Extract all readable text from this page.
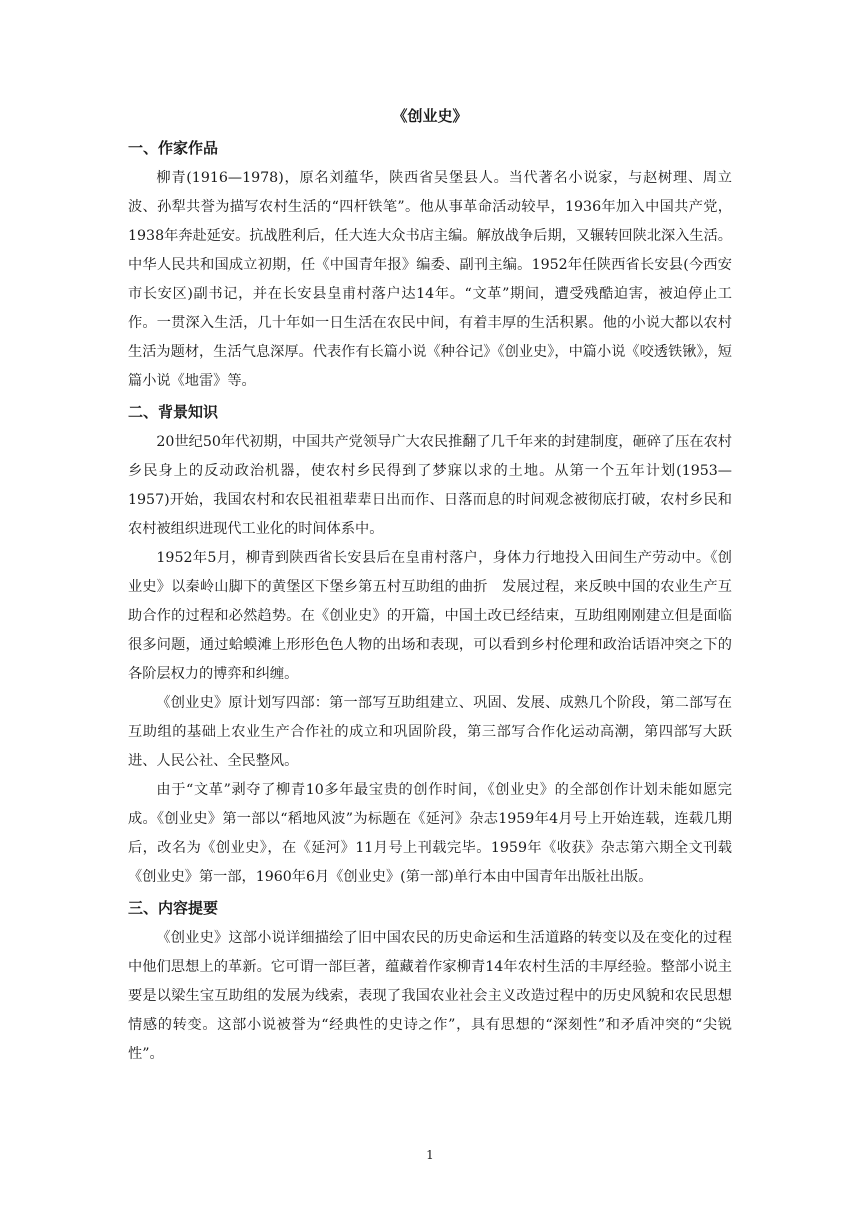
《创业史》
一、作家作品

柳青(1916—1978)，原名刘蕴华，陕西省吴堡县人。当代著名小说家，与赵树理、周立波、孙犁共誉为描写农村生活的“四杆铁笔”。他从事革命活动较早，1936年加入中国共产党，1938年奔赴延安。抗战胜利后，任大连大众书店主编。解放战争后期，又辗转回陕北深入生活。中华人民共和国成立初期，任《中国青年报》编委、副刊主编。1952年任陕西省长安县(今西安市长安区)副书记，并在长安县皇甫村落户达14年。“文革”期间，遭受残酷迫害，被迫停止工作。一贯深入生活，几十年如一日生活在农民中间，有着丰厚的生活积累。他的小说大都以农村生活为题材，生活气息深厚。代表作有长篇小说《种谷记》《创业史》，中篇小说《咬透铁锹》，短篇小说《地雷》等。

二、背景知识

20世纪50年代初期，中国共产党领导广大农民推翻了几千年来的封建制度，砸碎了压在农村乡民身上的反动政治机器，使农村乡民得到了梦寐以求的土地。从第一个五年计划(1953—1957)开始，我国农村和农民祖祖辈辈日出而作、日落而息的时间观念被彻底打破，农村乡民和农村被组织进现代工业化的时间体系中。

1952年5月，柳青到陕西省长安县后在皇甫村落户，身体力行地投入田间生产劳动中。《创业史》以秦岭山脚下的黄堡区下堡乡第五村互助组的曲折　发展过程，来反映中国的农业生产互助合作的过程和必然趋势。在《创业史》的开篇，中国土改已经结束，互助组刚刚建立但是面临很多问题，通过蛤蟆滩上形形色色人物的出场和表现，可以看到乡村伦理和政治话语冲突之下的各阶层权力的博弈和纠缠。

《创业史》原计划写四部：第一部写互助组建立、巩固、发展、成熟几个阶段，第二部写在互助组的基础上农业生产合作社的成立和巩固阶段，第三部写合作化运动高潮，第四部写大跃进、人民公社、全民整风。

由于“文革”剥夺了柳青10多年最宝贵的创作时间，《创业史》的全部创作计划未能如愿完成。《创业史》第一部以“稻地风波”为标题在《延河》杂志1959年4月号上开始连载，连载几期后，改名为《创业史》，在《延河》11月号上刊载完毕。1959年《收获》杂志第六期全文刊载《创业史》第一部，1960年6月《创业史》(第一部)单行本由中国青年出版社出版。

三、内容提要

《创业史》这部小说详细描绘了旧中国农民的历史命运和生活道路的转变以及在变化的过程中他们思想上的革新。它可谓一部巨著，蕴藏着作家柳青14年农村生活的丰厚经验。整部小说主要是以梁生宝互助组的发展为线索，表现了我国农业社会主义改造过程中的历史风貌和农民思想情感的转变。这部小说被誉为“经典性的史诗之作”，具有思想的“深刻性”和矛盾冲突的“尖锐性”。

1
